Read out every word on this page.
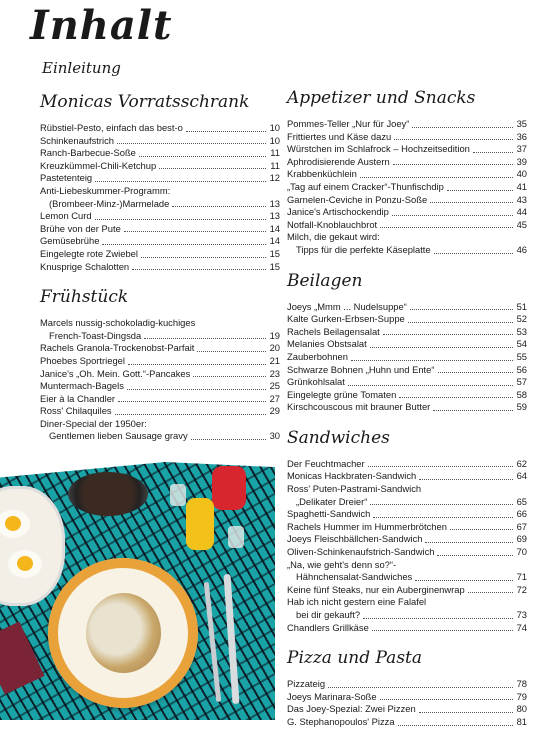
Inhalt
Einleitung
Monicas Vorratsschrank
Rübstiel-Pesto, einfach das best-o	10
Schinkenaufstrich	10
Ranch-Barbecue-Soße	11
Kreuzkümmel-Chili-Ketchup	11
Pastetenteig	12
Anti-Liebeskummer-Programm:
(Brombeer-Minz-)Marmelade	13
Lemon Curd	13
Brühe von der Pute	14
Gemüsebrühe	14
Eingelegte rote Zwiebel	15
Knusprige Schalotten	15
Frühstück
Marcels nussig-schokoladig-kuchiges
French-Toast-Dingsda	19
Rachels Granola-Trockenobst-Parfait	20
Phoebes Sportriegel	21
Janice's „Oh. Mein. Gott.“-Pancakes	23
Muntermach-Bagels	25
Eier à la Chandler	27
Ross' Chilaquiles	29
Diner-Special der 1950er:
Gentlemen lieben Sausage gravy	30
Appetizer und Snacks
Pommes-Teller „Nur für Joey“	35
Frittiertes und Käse dazu	36
Würstchen im Schlafrock – Hochzeitsedition	37
Aphrodisierende Austern	39
Krabbenküchlein	40
„Tag auf einem Cracker“-Thunfischdip	41
Garnelen-Ceviche in Ponzu-Soße	43
Janice's Artischockendip	44
Notfall-Knoblauchbrot	45
Milch, die gekaut wird:
Tipps für die perfekte Käseplatte	46
Beilagen
Joeys „Mmm ... Nudelsuppe“	51
Kalte Gurken-Erbsen-Suppe	52
Rachels Beilagensalat	53
Melanies Obstsalat	54
Zauberbohnen	55
Schwarze Bohnen „Huhn und Ente“	56
Grünkohlsalat	57
Eingelegte grüne Tomaten	58
Kirschcouscous mit brauner Butter	59
Sandwiches
Der Feuchtmacher	62
Monicas Hackbraten-Sandwich	64
Ross' Puten-Pastrami-Sandwich
„Delikater Dreier“	65
Spaghetti-Sandwich	66
Rachels Hummer im Hummerbrötchen	67
Joeys Fleischbällchen-Sandwich	69
Oliven-Schinkenaufstrich-Sandwich	70
„Na, wie geht's denn so?“-
Hähnchensalat-Sandwiches	71
Keine fünf Steaks, nur ein Auberginenwrap	72
Hab ich nicht gestern eine Falafel
bei dir gekauft?	73
Chandlers Grillkäse	74
Pizza und Pasta
Pizzateig	78
Joeys Marinara-Soße	79
Das Joey-Spezial: Zwei Pizzen	80
G. Stephanopoulos' Pizza	81
